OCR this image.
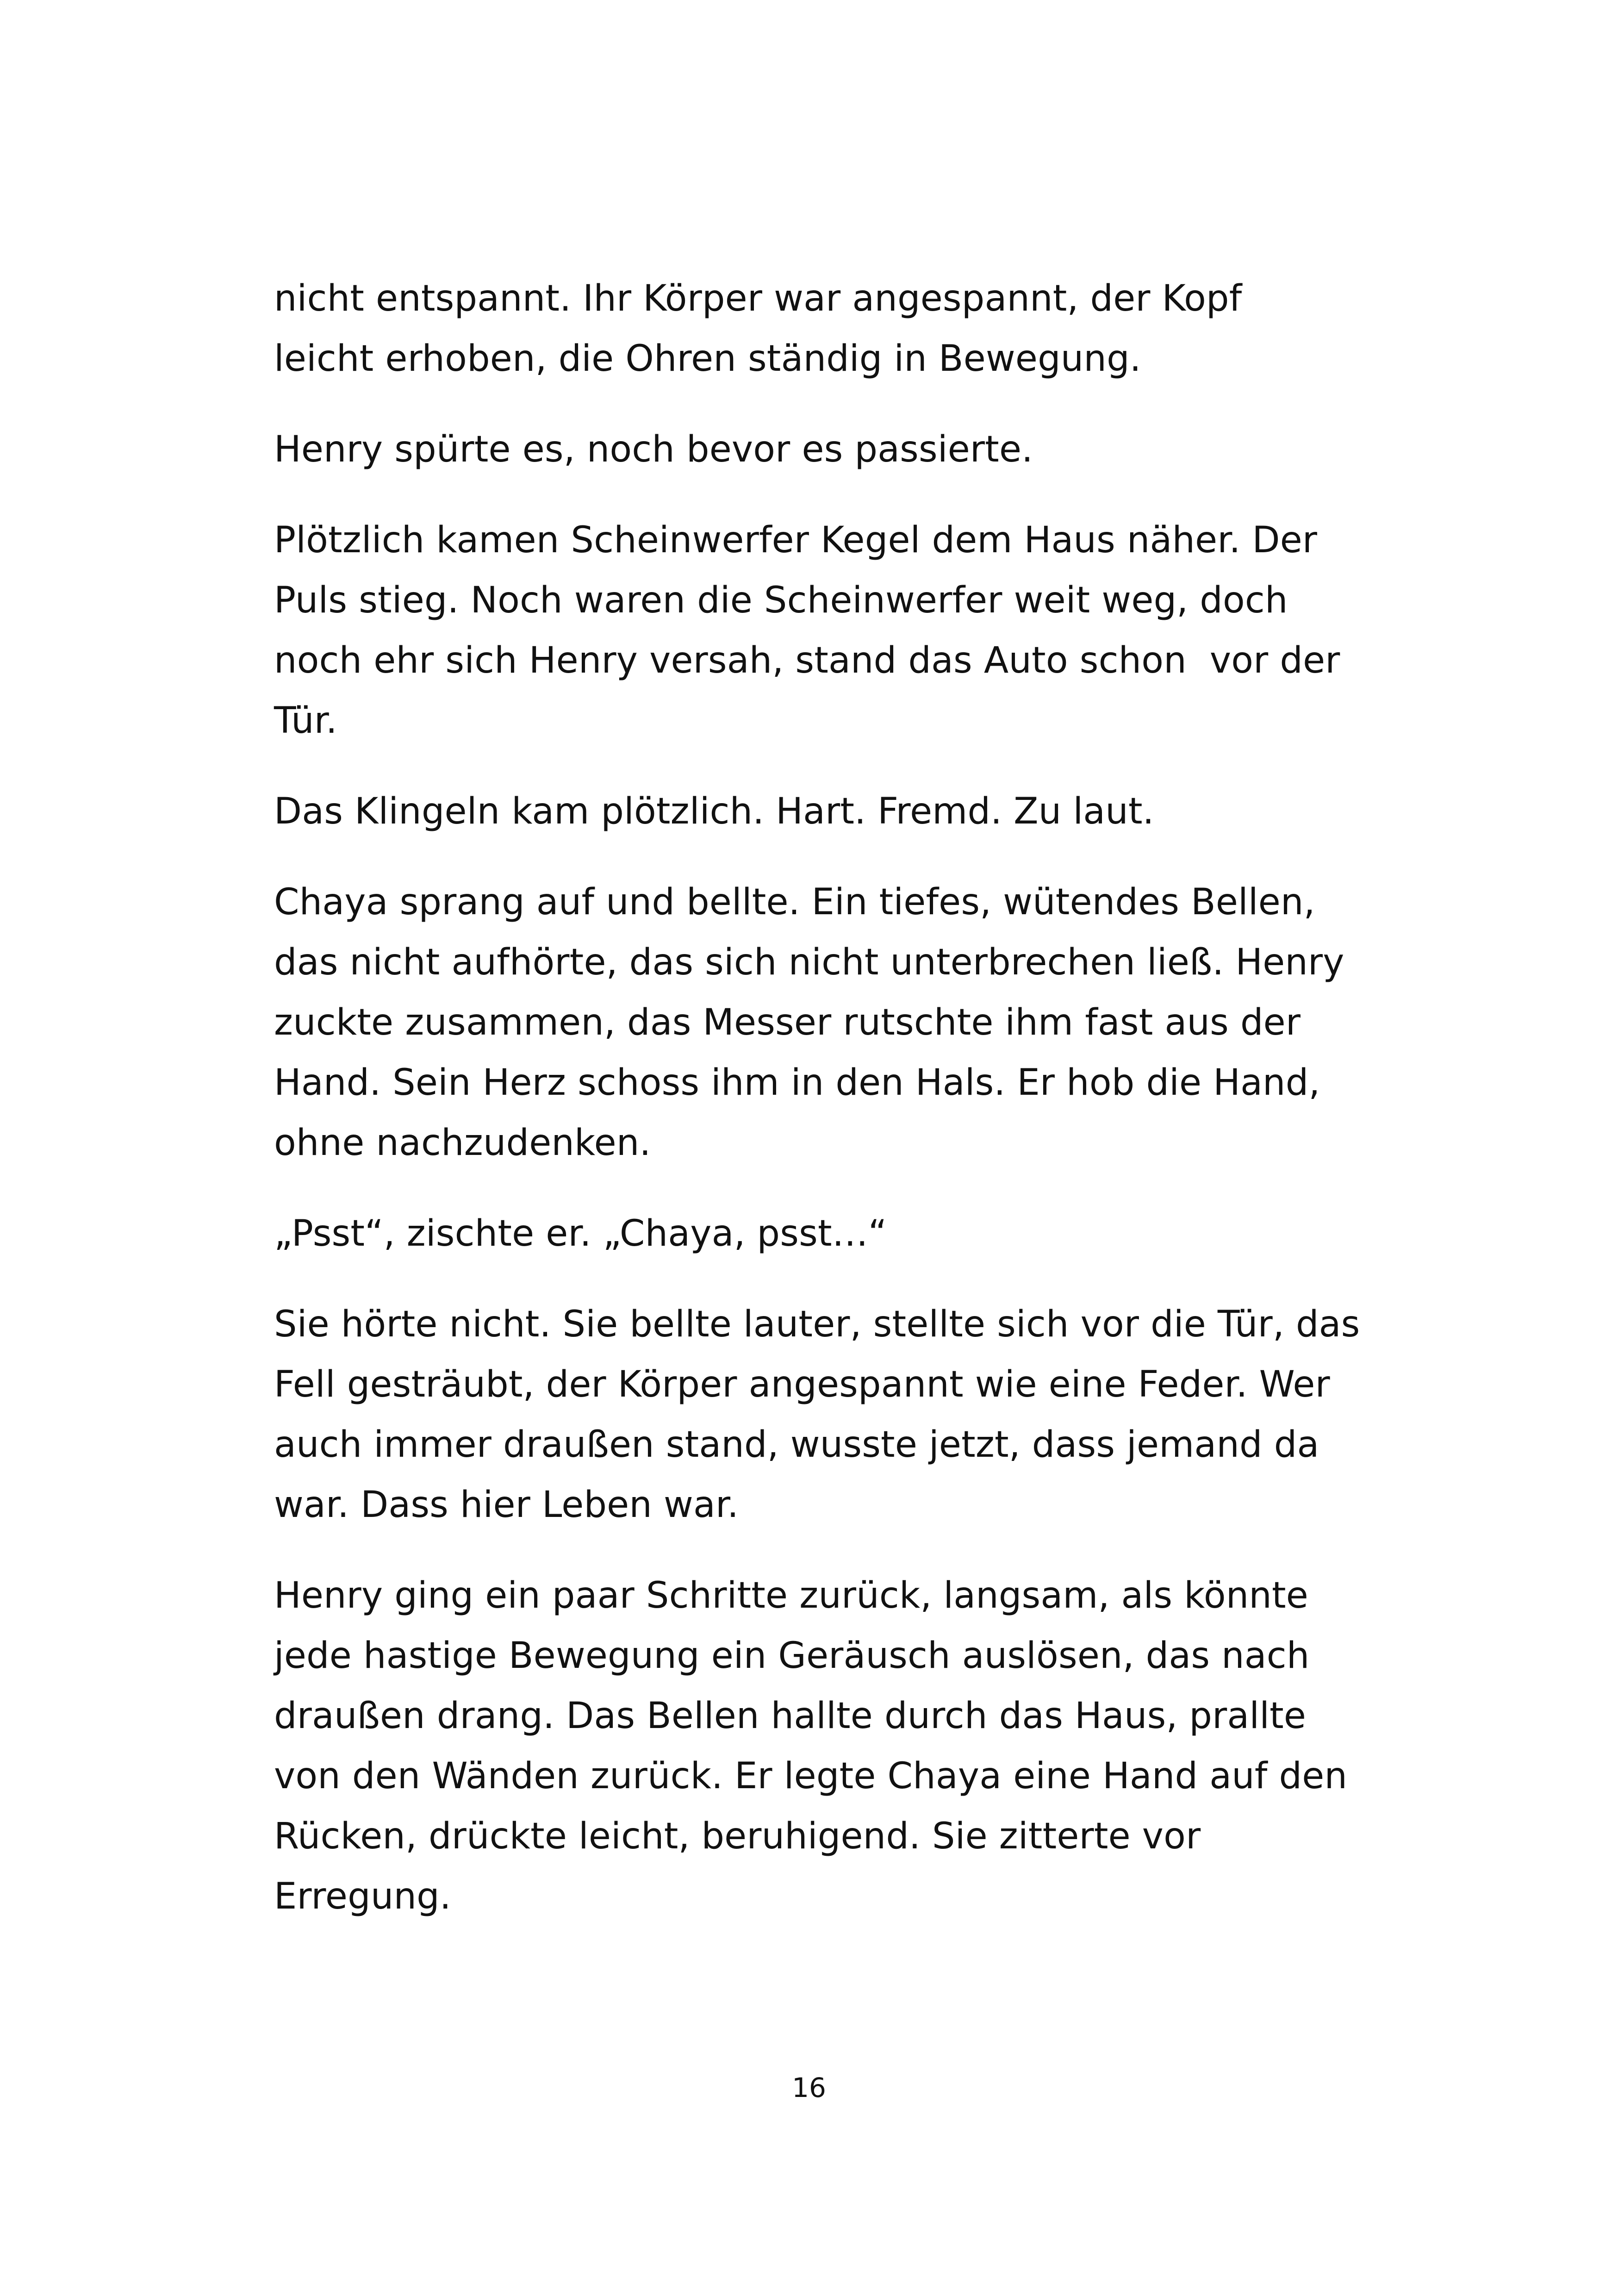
nicht entspannt. Ihr Körper war angespannt, der Kopf
leicht erhoben, die Ohren ständig in Bewegung.

Henry spürte es, noch bevor es passierte.

Plötzlich kamen Scheinwerfer Kegel dem Haus näher. Der
Puls stieg. Noch waren die Scheinwerfer weit weg, doch
noch ehr sich Henry versah, stand das Auto schon  vor der
Tür.

Das Klingeln kam plötzlich. Hart. Fremd. Zu laut.

Chaya sprang auf und bellte. Ein tiefes, wütendes Bellen,
das nicht aufhörte, das sich nicht unterbrechen ließ. Henry
zuckte zusammen, das Messer rutschte ihm fast aus der
Hand. Sein Herz schoss ihm in den Hals. Er hob die Hand,
ohne nachzudenken.

„Psst“, zischte er. „Chaya, psst…“

Sie hörte nicht. Sie bellte lauter, stellte sich vor die Tür, das
Fell gesträubt, der Körper angespannt wie eine Feder. Wer
auch immer draußen stand, wusste jetzt, dass jemand da
war. Dass hier Leben war.

Henry ging ein paar Schritte zurück, langsam, als könnte
jede hastige Bewegung ein Geräusch auslösen, das nach
draußen drang. Das Bellen hallte durch das Haus, prallte
von den Wänden zurück. Er legte Chaya eine Hand auf den
Rücken, drückte leicht, beruhigend. Sie zitterte vor
Erregung.

16
